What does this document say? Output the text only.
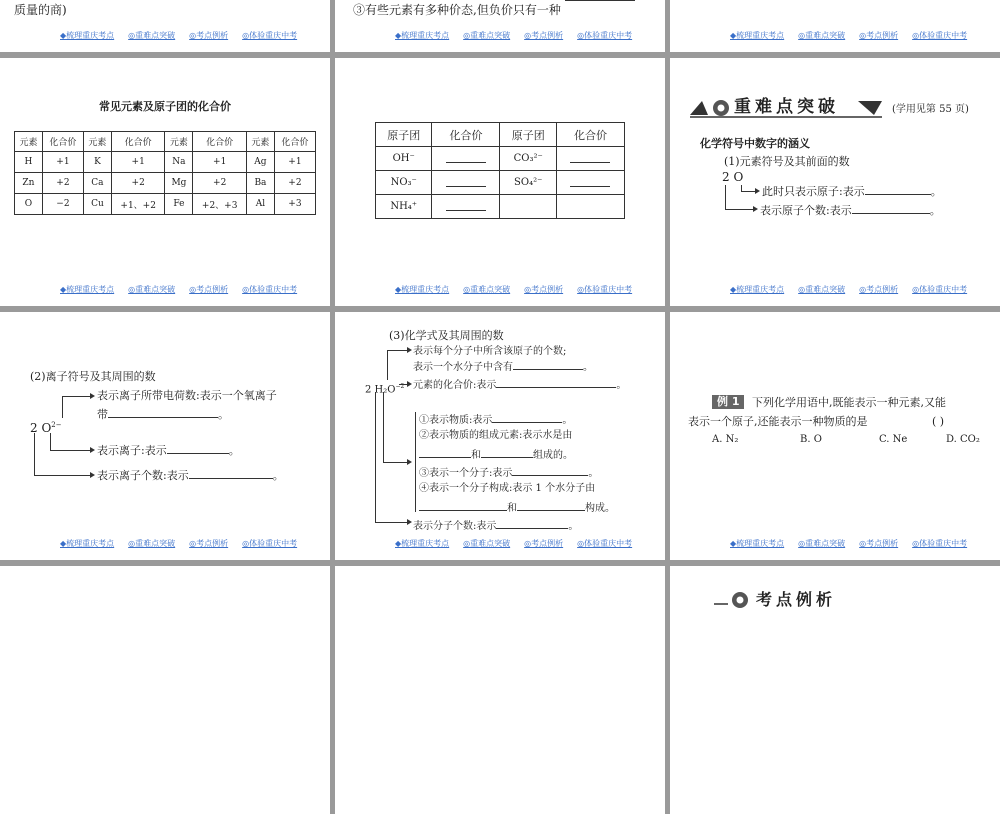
质量的商)
◆梳理重庆考点 ◎重难点突破 ◎考点例析 ◎体验重庆中考
③有些元素有多种价态,但负价只有一种
◆梳理重庆考点 ◎重难点突破 ◎考点例析 ◎体验重庆中考	◆梳理重庆考点 ◎重难点突破 ◎考点例析 ◎体验重庆中考
常见元素及原子团的化合价
元素	化合价	元素	化合价	元素	化合价	元素	化合价
H	+1	K	+1	Na	+1	Ag	+1
Zn	+2	Ca	+2	Mg	+2	Ba	+2
O	−2	Cu	+1、+2	Fe	+2、+3	Al	+3
◆梳理重庆考点 ◎重难点突破 ◎考点例析 ◎体验重庆中考
原子团	化合价	原子团	化合价
OH⁻		CO₃²⁻	
NO₃⁻		SO₄²⁻	
NH₄⁺			
◆梳理重庆考点 ◎重难点突破 ◎考点例析 ◎体验重庆中考
重难点突破	(学用见第 55 页)
化学符号中数字的涵义
(1)元素符号及其前面的数
2 O
此时只表示原子:表示	。
表示原子个数:表示	。
◆梳理重庆考点 ◎重难点突破 ◎考点例析 ◎体验重庆中考
(2)离子符号及其周围的数
2 $O^{2-}$
表示离子所带电荷数:表示一个氧离子
带	。
表示离子:表示	。
表示离子个数:表示	。
◆梳理重庆考点 ◎重难点突破 ◎考点例析 ◎体验重庆中考
(3)化学式及其周围的数
2 $H_2O^{-2}$
表示每个分子中所含该原子的个数;
表示一个水分子中含有	。
元素的化合价:表示	。
①表示物质:表示	。
②表示物质的组成元素:表示水是由
和	组成的。
③表示一个分子:表示	。
④表示一个分子构成:表示 1 个水分子由
和	构成。
表示分子个数:表示	。
◆梳理重庆考点 ◎重难点突破 ◎考点例析 ◎体验重庆中考
例 1	下列化学用语中,既能表示一种元素,又能
表示一个原子,还能表示一种物质的是	( )
A. N₂	B. O	C. Ne	D. CO₂
◆梳理重庆考点 ◎重难点突破 ◎考点例析 ◎体验重庆中考
考点例析
